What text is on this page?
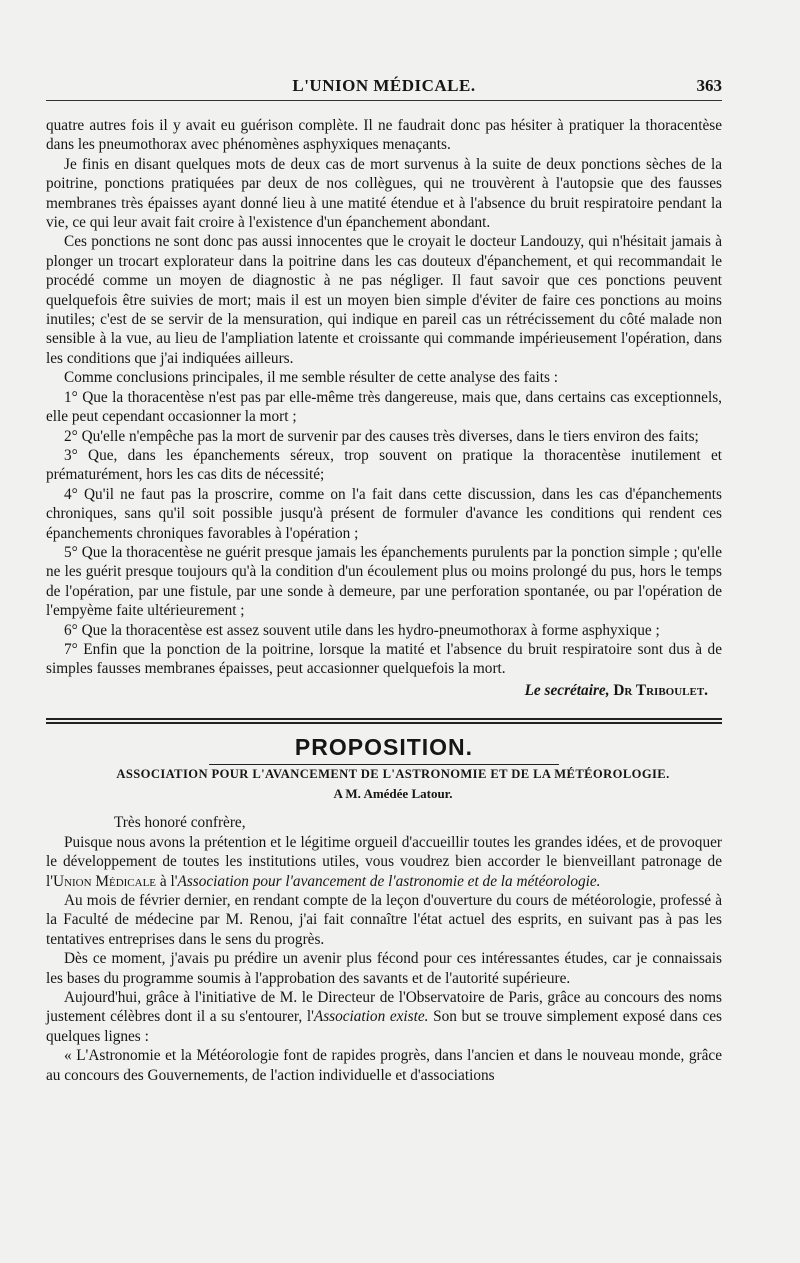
L'UNION MÉDICALE.	363

quatre autres fois il y avait eu guérison complète. Il ne faudrait donc pas hésiter à pratiquer la thoracentèse dans les pneumothorax avec phénomènes asphyxiques menaçants.

Je finis en disant quelques mots de deux cas de mort survenus à la suite de deux ponctions sèches de la poitrine, ponctions pratiquées par deux de nos collègues, qui ne trouvèrent à l'autopsie que des fausses membranes très épaisses ayant donné lieu à une matité étendue et à l'absence du bruit respiratoire pendant la vie, ce qui leur avait fait croire à l'existence d'un épanchement abondant.

Ces ponctions ne sont donc pas aussi innocentes que le croyait le docteur Landouzy, qui n'hésitait jamais à plonger un trocart explorateur dans la poitrine dans les cas douteux d'épanchement, et qui recommandait le procédé comme un moyen de diagnostic à ne pas négliger. Il faut savoir que ces ponctions peuvent quelquefois être suivies de mort; mais il est un moyen bien simple d'éviter de faire ces ponctions au moins inutiles; c'est de se servir de la mensuration, qui indique en pareil cas un rétrécissement du côté malade non sensible à la vue, au lieu de l'ampliation latente et croissante qui commande impérieusement l'opération, dans les conditions que j'ai indiquées ailleurs.

Comme conclusions principales, il me semble résulter de cette analyse des faits :

1° Que la thoracentèse n'est pas par elle-même très dangereuse, mais que, dans certains cas exceptionnels, elle peut cependant occasionner la mort ;

2° Qu'elle n'empêche pas la mort de survenir par des causes très diverses, dans le tiers environ des faits;

3° Que, dans les épanchements séreux, trop souvent on pratique la thoracentèse inutilement et prématurément, hors les cas dits de nécessité;

4° Qu'il ne faut pas la proscrire, comme on l'a fait dans cette discussion, dans les cas d'épanchements chroniques, sans qu'il soit possible jusqu'à présent de formuler d'avance les conditions qui rendent ces épanchements chroniques favorables à l'opération ;

5° Que la thoracentèse ne guérit presque jamais les épanchements purulents par la ponction simple ; qu'elle ne les guérit presque toujours qu'à la condition d'un écoulement plus ou moins prolongé du pus, hors le temps de l'opération, par une fistule, par une sonde à demeure, par une perforation spontanée, ou par l'opération de l'empyème faite ultérieurement ;

6° Que la thoracentèse est assez souvent utile dans les hydro-pneumothorax à forme asphyxique ;

7° Enfin que la ponction de la poitrine, lorsque la matité et l'absence du bruit respiratoire sont dus à de simples fausses membranes épaisses, peut accasionner quelquefois la mort.

Le secrétaire, Dr Triboulet.
PROPOSITION.

ASSOCIATION POUR L'AVANCEMENT DE L'ASTRONOMIE ET DE LA MÉTÉOROLOGIE.

A M. Amédée Latour.

Très honoré confrère,

Puisque nous avons la prétention et le légitime orgueil d'accueillir toutes les grandes idées, et de provoquer le développement de toutes les institutions utiles, vous voudrez bien accorder le bienveillant patronage de l'Union Médicale à l'Association pour l'avancement de l'astronomie et de la météorologie.

Au mois de février dernier, en rendant compte de la leçon d'ouverture du cours de météorologie, professé à la Faculté de médecine par M. Renou, j'ai fait connaître l'état actuel des esprits, en suivant pas à pas les tentatives entreprises dans le sens du progrès.

Dès ce moment, j'avais pu prédire un avenir plus fécond pour ces intéressantes études, car je connaissais les bases du programme soumis à l'approbation des savants et de l'autorité supérieure.

Aujourd'hui, grâce à l'initiative de M. le Directeur de l'Observatoire de Paris, grâce au concours des noms justement célèbres dont il a su s'entourer, l'Association existe. Son but se trouve simplement exposé dans ces quelques lignes :

« L'Astronomie et la Météorologie font de rapides progrès, dans l'ancien et dans le nouveau monde, grâce au concours des Gouvernements, de l'action individuelle et d'associations
